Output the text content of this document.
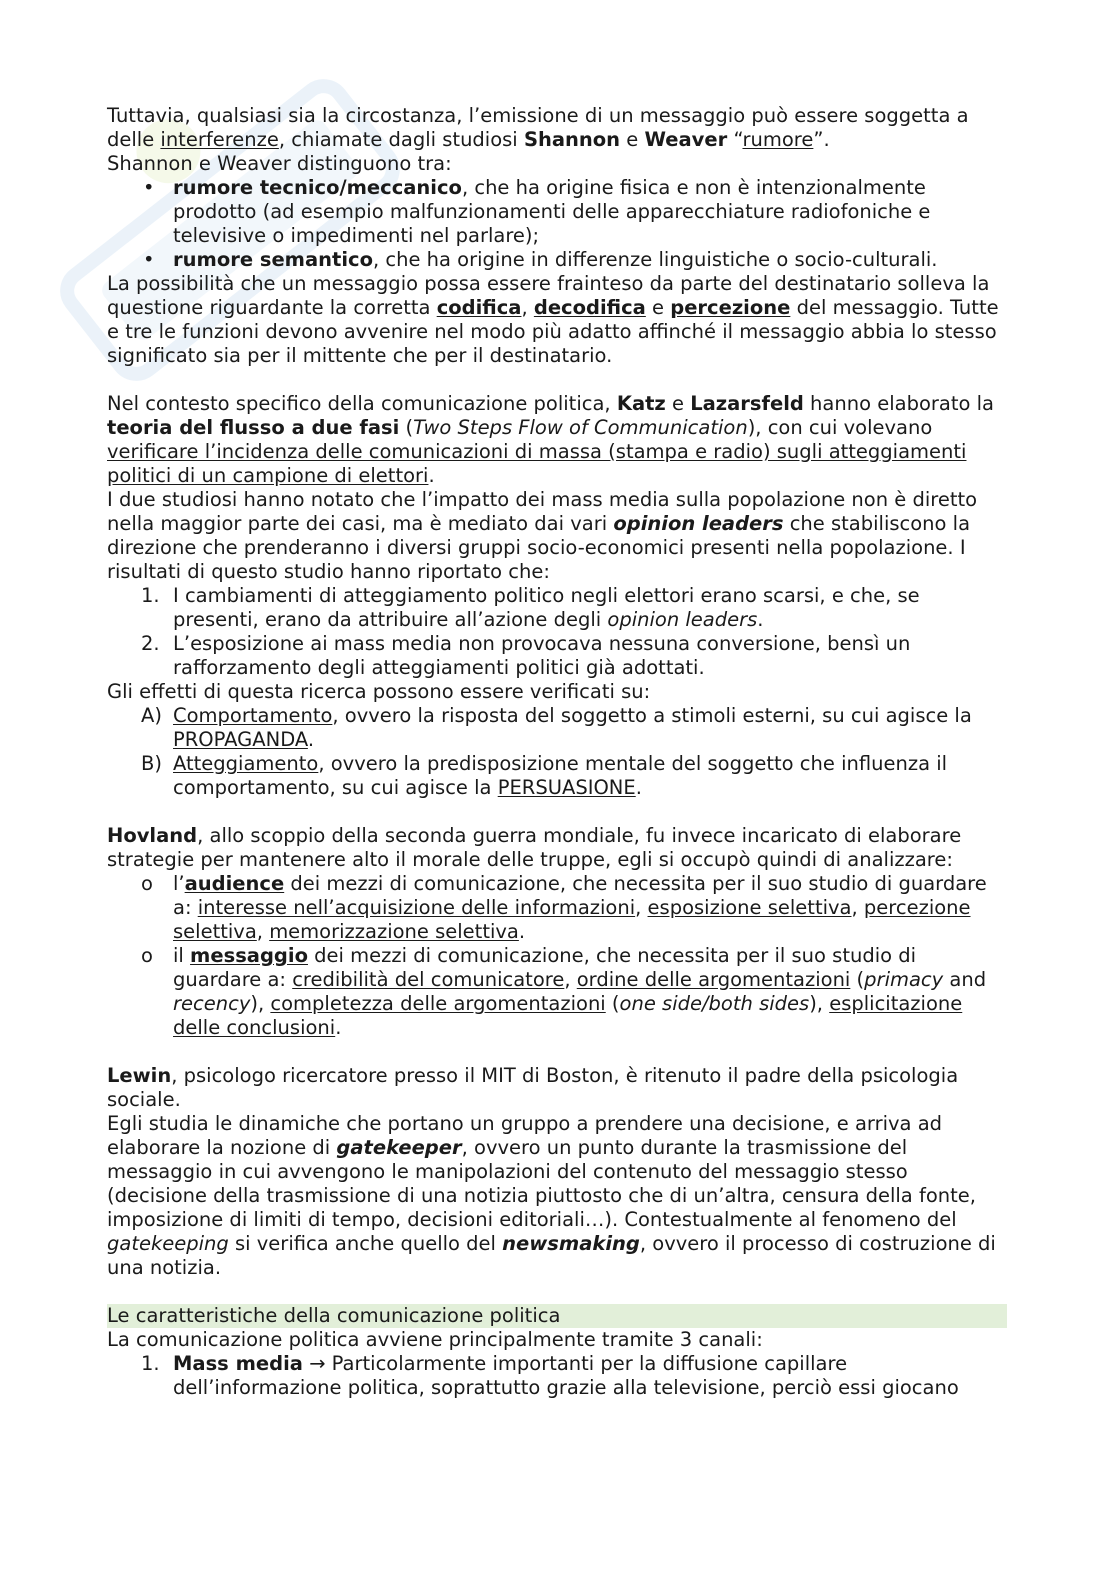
Tuttavia, qualsiasi sia la circostanza, l’emissione di un messaggio può essere soggetta a delle interferenze, chiamate dagli studiosi Shannon e Weaver “rumore”.

Shannon e Weaver distinguono tra:

• rumore tecnico/meccanico, che ha origine fisica e non è intenzionalmente prodotto (ad esempio malfunzionamenti delle apparecchiature radiofoniche e televisive o impedimenti nel parlare);
• rumore semantico, che ha origine in differenze linguistiche o socio-culturali.

La possibilità che un messaggio possa essere frainteso da parte del destinatario solleva la questione riguardante la corretta codifica, decodifica e percezione del messaggio. Tutte e tre le funzioni devono avvenire nel modo più adatto affinché il messaggio abbia lo stesso significato sia per il mittente che per il destinatario.

Nel contesto specifico della comunicazione politica, Katz e Lazarsfeld hanno elaborato la teoria del flusso a due fasi (Two Steps Flow of Communication), con cui volevano verificare l’incidenza delle comunicazioni di massa (stampa e radio) sugli atteggiamenti politici di un campione di elettori.

I due studiosi hanno notato che l’impatto dei mass media sulla popolazione non è diretto nella maggior parte dei casi, ma è mediato dai vari opinion leaders che stabiliscono la direzione che prenderanno i diversi gruppi socio-economici presenti nella popolazione. I risultati di questo studio hanno riportato che:

1. I cambiamenti di atteggiamento politico negli elettori erano scarsi, e che, se presenti, erano da attribuire all’azione degli opinion leaders.
2. L’esposizione ai mass media non provocava nessuna conversione, bensì un rafforzamento degli atteggiamenti politici già adottati.

Gli effetti di questa ricerca possono essere verificati su:

A) Comportamento, ovvero la risposta del soggetto a stimoli esterni, su cui agisce la PROPAGANDA.
B) Atteggiamento, ovvero la predisposizione mentale del soggetto che influenza il comportamento, su cui agisce la PERSUASIONE.

Hovland, allo scoppio della seconda guerra mondiale, fu invece incaricato di elaborare strategie per mantenere alto il morale delle truppe, egli si occupò quindi di analizzare:

o l’audience dei mezzi di comunicazione, che necessita per il suo studio di guardare a: interesse nell’acquisizione delle informazioni, esposizione selettiva, percezione selettiva, memorizzazione selettiva.
o il messaggio dei mezzi di comunicazione, che necessita per il suo studio di guardare a: credibilità del comunicatore, ordine delle argomentazioni (primacy and recency), completezza delle argomentazioni (one side/both sides), esplicitazione delle conclusioni.

Lewin, psicologo ricercatore presso il MIT di Boston, è ritenuto il padre della psicologia sociale.

Egli studia le dinamiche che portano un gruppo a prendere una decisione, e arriva ad elaborare la nozione di gatekeeper, ovvero un punto durante la trasmissione del messaggio in cui avvengono le manipolazioni del contenuto del messaggio stesso (decisione della trasmissione di una notizia piuttosto che di un’altra, censura della fonte, imposizione di limiti di tempo, decisioni editoriali…). Contestualmente al fenomeno del gatekeeping si verifica anche quello del newsmaking, ovvero il processo di costruzione di una notizia.

Le caratteristiche della comunicazione politica

La comunicazione politica avviene principalmente tramite 3 canali:

1. Mass media → Particolarmente importanti per la diffusione capillare dell’informazione politica, soprattutto grazie alla televisione, perciò essi giocano
